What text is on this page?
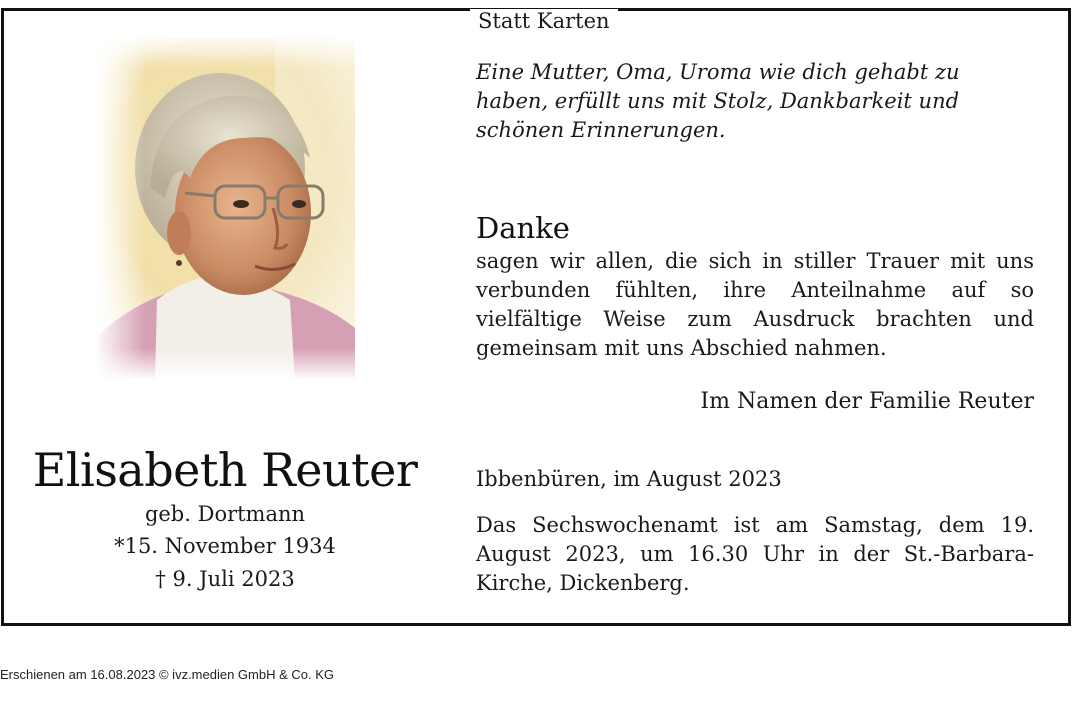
Statt Karten
Elisabeth Reuter
geb. Dortmann
*15. November 1934
† 9. Juli 2023
Eine Mutter, Oma, Uroma wie dich gehabt zu haben, erfüllt uns mit Stolz, Dankbarkeit und schönen Erinnerungen.
Danke
sagen wir allen, die sich in stiller Trauer mit uns verbunden fühlten, ihre Anteilnahme auf so vielfältige Weise zum Ausdruck brachten und gemeinsam mit uns Abschied nahmen.
Im Namen der Familie Reuter
Ibbenbüren, im August 2023
Das Sechswochenamt ist am Samstag, dem 19. August 2023, um 16.30 Uhr in der St.-Barbara-Kirche, Dickenberg.
Erschienen am 16.08.2023 © ivz.medien GmbH & Co. KG
